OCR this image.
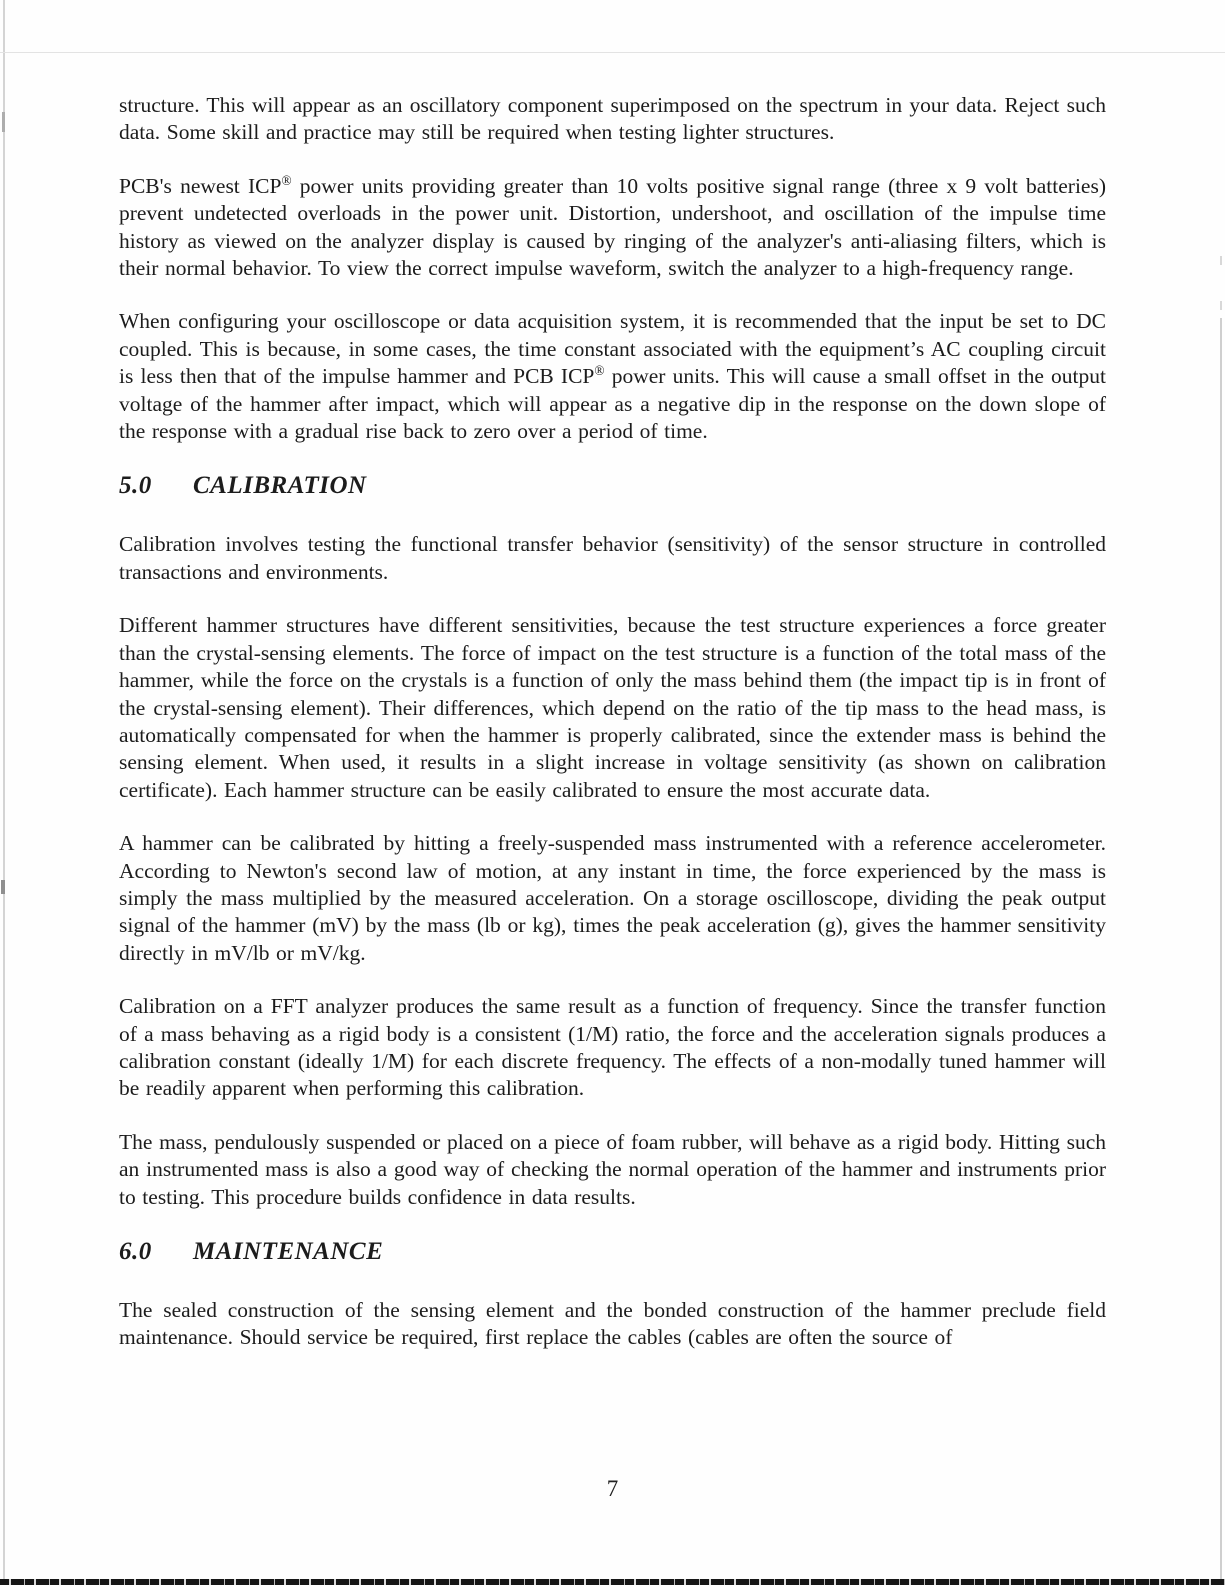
structure. This will appear as an oscillatory component superimposed on the spectrum in your data. Reject such data. Some skill and practice may still be required when testing lighter structures.

PCB's newest ICP® power units providing greater than 10 volts positive signal range (three x 9 volt batteries) prevent undetected overloads in the power unit. Distortion, undershoot, and oscillation of the impulse time history as viewed on the analyzer display is caused by ringing of the analyzer's anti-aliasing filters, which is their normal behavior. To view the correct impulse waveform, switch the analyzer to a high-frequency range.

When configuring your oscilloscope or data acquisition system, it is recommended that the input be set to DC coupled. This is because, in some cases, the time constant associated with the equipment’s AC coupling circuit is less then that of the impulse hammer and PCB ICP® power units. This will cause a small offset in the output voltage of the hammer after impact, which will appear as a negative dip in the response on the down slope of the response with a gradual rise back to zero over a period of time.

5.0 CALIBRATION

Calibration involves testing the functional transfer behavior (sensitivity) of the sensor structure in controlled transactions and environments.

Different hammer structures have different sensitivities, because the test structure experiences a force greater than the crystal-sensing elements. The force of impact on the test structure is a function of the total mass of the hammer, while the force on the crystals is a function of only the mass behind them (the impact tip is in front of the crystal-sensing element). Their differences, which depend on the ratio of the tip mass to the head mass, is automatically compensated for when the hammer is properly calibrated, since the extender mass is behind the sensing element. When used, it results in a slight increase in voltage sensitivity (as shown on calibration certificate). Each hammer structure can be easily calibrated to ensure the most accurate data.

A hammer can be calibrated by hitting a freely-suspended mass instrumented with a reference accelerometer. According to Newton's second law of motion, at any instant in time, the force experienced by the mass is simply the mass multiplied by the measured acceleration. On a storage oscilloscope, dividing the peak output signal of the hammer (mV) by the mass (lb or kg), times the peak acceleration (g), gives the hammer sensitivity directly in mV/lb or mV/kg.

Calibration on a FFT analyzer produces the same result as a function of frequency. Since the transfer function of a mass behaving as a rigid body is a consistent (1/M) ratio, the force and the acceleration signals produces a calibration constant (ideally 1/M) for each discrete frequency. The effects of a non-modally tuned hammer will be readily apparent when performing this calibration.

The mass, pendulously suspended or placed on a piece of foam rubber, will behave as a rigid body. Hitting such an instrumented mass is also a good way of checking the normal operation of the hammer and instruments prior to testing. This procedure builds confidence in data results.

6.0 MAINTENANCE

The sealed construction of the sensing element and the bonded construction of the hammer preclude field maintenance. Should service be required, first replace the cables (cables are often the source of

7
